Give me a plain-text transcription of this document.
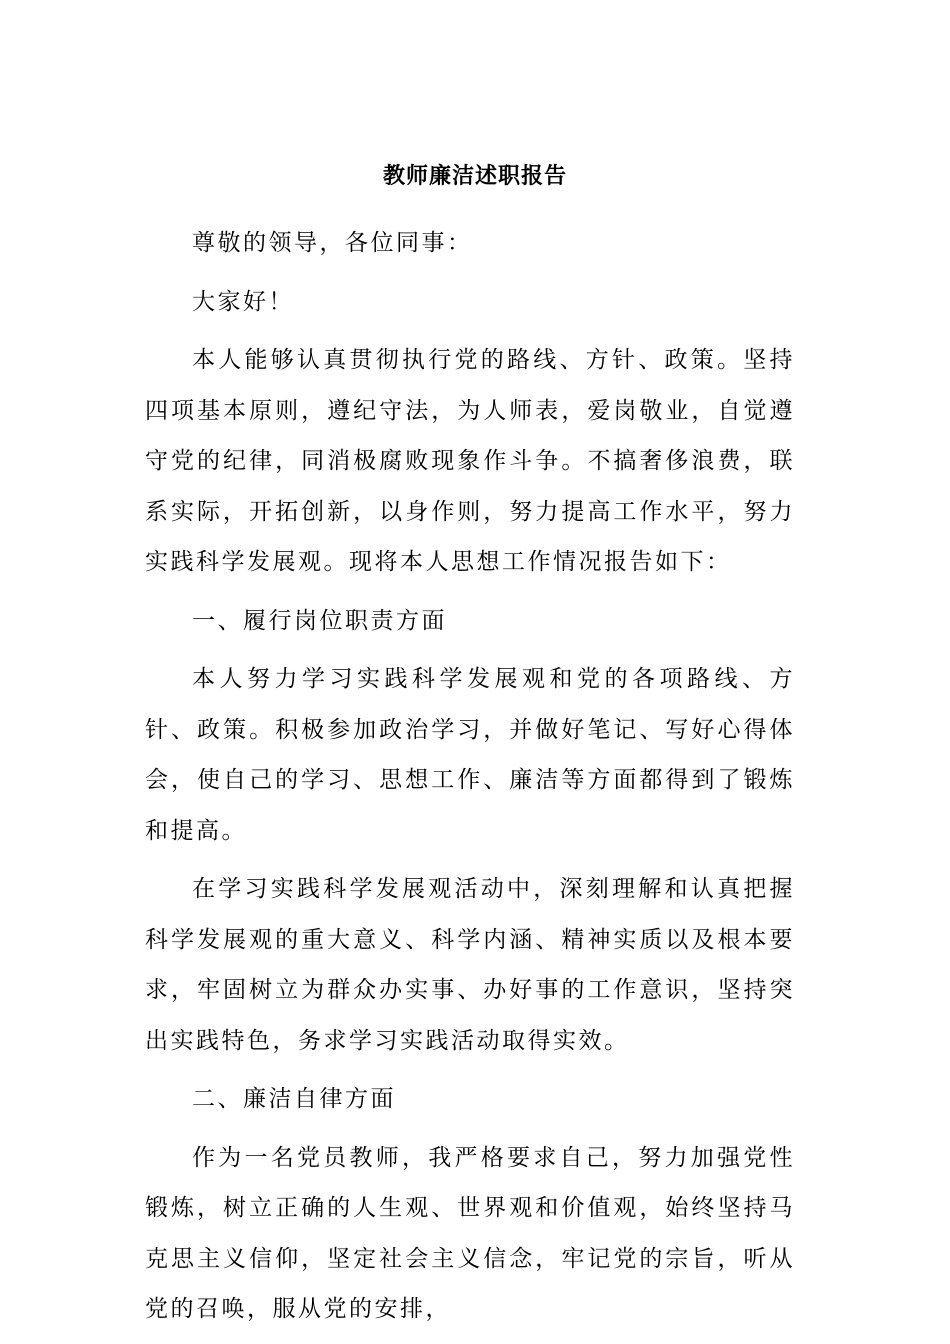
教师廉洁述职报告

尊敬的领导，各位同事：

大家好！

本人能够认真贯彻执行党的路线、方针、政策。坚持四项基本原则，遵纪守法，为人师表，爱岗敬业，自觉遵守党的纪律，同消极腐败现象作斗争。不搞奢侈浪费，联系实际，开拓创新，以身作则，努力提高工作水平，努力实践科学发展观。现将本人思想工作情况报告如下：

一、履行岗位职责方面

本人努力学习实践科学发展观和党的各项路线、方针、政策。积极参加政治学习，并做好笔记、写好心得体会，使自己的学习、思想工作、廉洁等方面都得到了锻炼和提高。

在学习实践科学发展观活动中，深刻理解和认真把握科学发展观的重大意义、科学内涵、精神实质以及根本要求，牢固树立为群众办实事、办好事的工作意识，坚持突出实践特色，务求学习实践活动取得实效。

二、廉洁自律方面

作为一名党员教师，我严格要求自己，努力加强党性锻炼，树立正确的人生观、世界观和价值观，始终坚持马克思主义信仰，坚定社会主义信念，牢记党的宗旨，听从党的召唤，服从党的安排，
